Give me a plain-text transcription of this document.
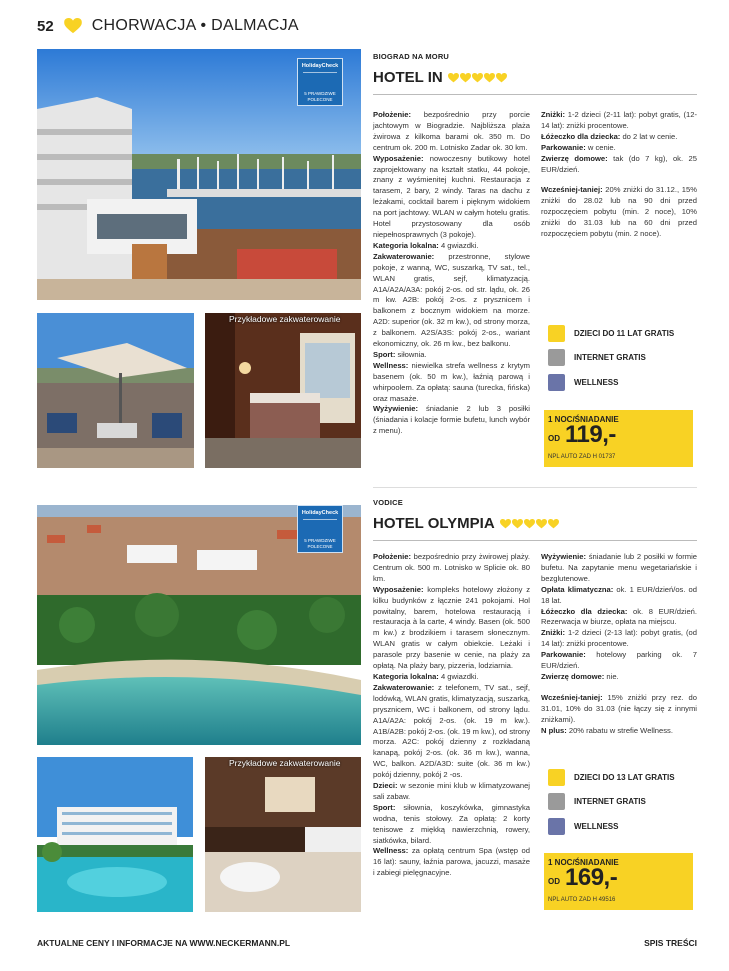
52 CHORWACJA • DALMACJA
HolidayCheck
5 PRAWDZIWE POLECONE
Przykładowe zakwaterowanie
BIOGRAD NA MORU
HOTEL IN

Położenie: bezpośrednio przy porcie jachtowym w Biogradzie. Najbliższa plaża żwirowa z kilkoma barami ok. 350 m. Do centrum ok. 200 m. Lotnisko Zadar ok. 30 km.

Wyposażenie: nowoczesny butikowy hotel zaprojektowany na kształt statku, 44 pokoje, znany z wyśmienitej kuchni. Restauracja z tarasem, 2 bary, 2 windy. Taras na dachu z leżakami, cocktail barem i pięknym widokiem na port jachtowy. WLAN w całym hotelu gratis. Hotel przystosowany dla osób niepełnosprawnych (3 pokoje).

Kategoria lokalna: 4 gwiazdki.

Zakwaterowanie: przestronne, stylowe pokoje, z wanną, WC, suszarką, TV sat., tel., WLAN gratis, sejf, klimatyzacją. A1A/A2A/A3A: pokój 2-os. od str. lądu, ok. 26 m kw. A2B: pokój 2-os. z prysznicem i balkonem z bocznym widokiem na morze. A2D: superior (ok. 32 m kw.), od strony morza, z balkonem. A2S/A3S: pokój 2-os., wariant ekonomiczny, ok. 26 m kw., bez balkonu.

Sport: siłownia.

Wellness: niewielka strefa wellness z krytym basenem (ok. 50 m kw.), łaźnią parową i whirpoolem. Za opłatą: sauna (turecka, fińska) oraz masaże.

Wyżywienie: śniadanie 2 lub 3 posiłki (śniadania i kolacje formie bufetu, lunch wybór z menu).

Zniżki: 1-2 dzieci (2-11 lat): pobyt gratis, (12-14 lat): zniżki procentowe.

Łóżeczko dla dziecka: do 2 lat w cenie.

Parkowanie: w cenie.

Zwierzę domowe: tak (do 7 kg), ok. 25 EUR/dzień.

Wcześniej-taniej: 20% zniżki do 31.12., 15% zniżki do 28.02 lub na 90 dni przed rozpoczęciem pobytu (min. 2 noce), 10% zniżki do 31.03 lub na 60 dni przed rozpoczęciem pobytu (min. 2 noce).

DZIECI DO 11 LAT GRATIS
INTERNET GRATIS
WELLNESS
1 NOC/ŚNIADANIE
OD 119,-
NPL AUTO ZAD H 01737
HolidayCheck
5 PRAWDZIWE POLECONE
Przykładowe zakwaterowanie
VODICE
HOTEL OLYMPIA

Położenie: bezpośrednio przy żwirowej plaży. Centrum ok. 500 m. Lotnisko w Splicie ok. 80 km.

Wyposażenie: kompleks hotelowy złożony z kilku budynków z łącznie 241 pokojami. Hol powitalny, barem, hotelowa restauracją i restauracja à la carte, 4 windy. Basen (ok. 500 m kw.) z brodzikiem i tarasem słonecznym. WLAN gratis w całym obiekcie. Leżaki i parasole przy basenie w cenie, na plaży za opłatą. Na plaży bary, pizzeria, lodziarnia.

Kategoria lokalna: 4 gwiazdki.

Zakwaterowanie: z telefonem, TV sat., sejf, lodówką, WLAN gratis, klimatyzacją, suszarką, prysznicem, WC i balkonem, od strony lądu. A1A/A2A: pokój 2-os. (ok. 19 m kw.). A1B/A2B: pokój 2-os. (ok. 19 m kw.), od strony morza. A2C: pokój dzienny z rozkładaną kanapą, pokój 2-os. (ok. 36 m kw.), wanna, WC, balkon. A2D/A3D: suite (ok. 36 m kw.) pokój dzienny, pokój 2 -os.

Dzieci: w sezonie mini klub w klimatyzowanej sali zabaw.

Sport: siłownia, koszykówka, gimnastyka wodna, tenis stołowy. Za opłatą: 2 korty tenisowe z miękką nawierzchnią, rowery, siatkówka, bilard.

Wellness: za opłatą centrum Spa (wstęp od 16 lat): sauny, łaźnia parowa, jacuzzi, masaże i zabiegi pielęgnacyjne.

Wyżywienie: śniadanie lub 2 posiłki w formie bufetu. Na zapytanie menu wegetariańskie i bezglutenowe.

Opłata klimatyczna: ok. 1 EUR/dzień/os. od 18 lat.

Łóżeczko dla dziecka: ok. 8 EUR/dzień. Rezerwacja w biurze, opłata na miejscu.

Zniżki: 1-2 dzieci (2-13 lat): pobyt gratis, (od 14 lat): zniżki procentowe.

Parkowanie: hotelowy parking ok. 7 EUR/dzień.

Zwierzę domowe: nie.

Wcześniej-taniej: 15% zniżki przy rez. do 31.01, 10% do 31.03 (nie łączy się z innymi zniżkami).

N plus: 20% rabatu w strefie Wellness.

DZIECI DO 13 LAT GRATIS
INTERNET GRATIS
WELLNESS
1 NOC/ŚNIADANIE
OD 169,-
NPL AUTO ZAD H 49516
AKTUALNE CENY I INFORMACJE NA WWW.NECKERMANN.PL	SPIS TREŚCI
